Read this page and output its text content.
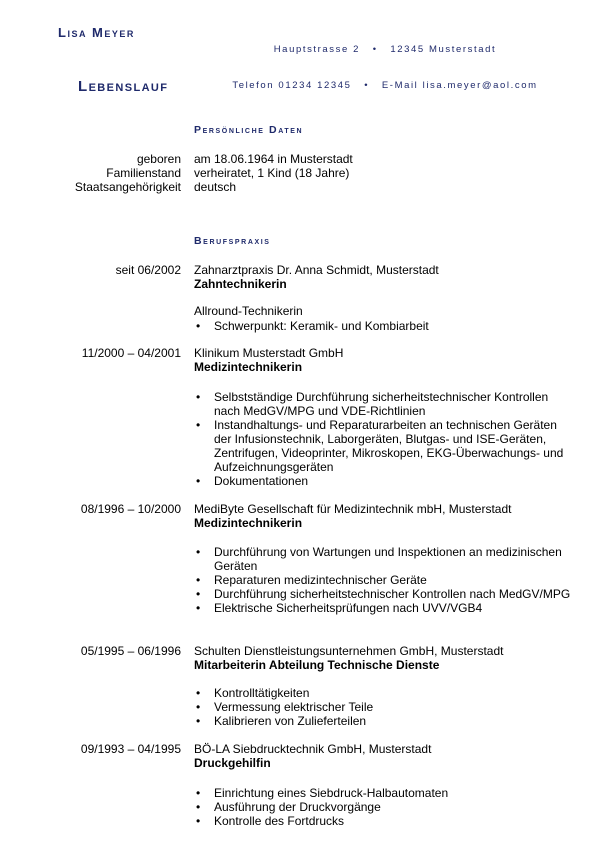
Lisa Meyer

Hauptstrasse 2   •   12345 Musterstadt

Telefon 01234 12345   •   E-Mail lisa.meyer@aol.com

Lebenslauf
Persönliche Daten
geboren am 18.06.1964 in Musterstadt
Familienstand verheiratet, 1 Kind (18 Jahre)
Staatsangehörigkeit deutsch
Berufspraxis
seit 06/2002 Zahnarztpraxis Dr. Anna Schmidt, Musterstadt
Zahntechnikerin
Allround-Technikerin
• Schwerpunkt: Keramik- und Kombiarbeit
11/2000 – 04/2001 Klinikum Musterstadt GmbH
Medizintechnikerin
• Selbstständige Durchführung sicherheitstechnischer Kontrollen nach MedGV/MPG und VDE-Richtlinien
• Instandhaltungs- und Reparaturarbeiten an technischen Geräten der Infusionstechnik, Laborgeräten, Blutgas- und ISE-Geräten, Zentrifugen, Videoprinter, Mikroskopen, EKG-Überwachungs- und Aufzeichnungsgeräten
• Dokumentationen
08/1996 – 10/2000 MediByte Gesellschaft für Medizintechnik mbH, Musterstadt
Medizintechnikerin
• Durchführung von Wartungen und Inspektionen an medizinischen Geräten
• Reparaturen medizintechnischer Geräte
• Durchführung sicherheitstechnischer Kontrollen nach MedGV/MPG
• Elektrische Sicherheitsprüfungen nach UVV/VGB4
05/1995 – 06/1996 Schulten Dienstleistungsunternehmen GmbH, Musterstadt
Mitarbeiterin Abteilung Technische Dienste
• Kontrolltätigkeiten
• Vermessung elektrischer Teile
• Kalibrieren von Zulieferteilen
09/1993 – 04/1995 BÖ-LA Siebdrucktechnik GmbH, Musterstadt
Druckgehilfin
• Einrichtung eines Siebdruck-Halbautomaten
• Ausführung der Druckvorgänge
• Kontrolle des Fortdrucks
